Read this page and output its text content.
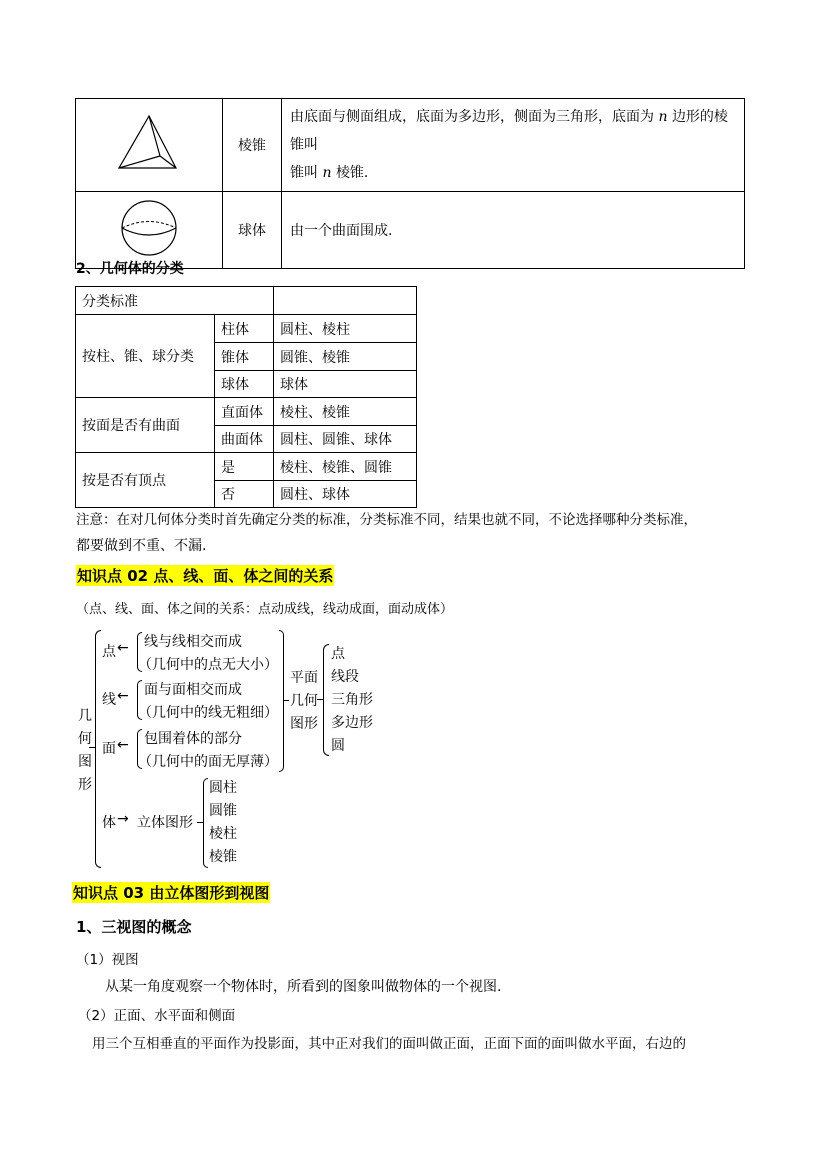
	棱锥	由底面与侧面组成，底面为多边形，侧面为三角形，底面为 n 边形的棱锥叫
锥叫 n 棱锥.
	球体	由一个曲面围成.
2、几何体的分类
分类标准		
按柱、锥、球分类	柱体	圆柱、棱柱
	锥体	圆锥、棱锥
	球体	球体
按面是否有曲面	直面体	棱柱、棱锥
	曲面体	圆柱、圆锥、球体
按是否有顶点	是	棱柱、棱锥、圆锥
	否	圆柱、球体
注意：在对几何体分类时首先确定分类的标准，分类标准不同，结果也就不同，不论选择哪种分类标准，
都要做到不重、不漏.
知识点 02 点、线、面、体之间的关系
（点、线、面、体之间的关系：点动成线，线动成面，面动成体）
几
何
图
形
点 ← 线与线相交而成
（几何中的点无大小）
线 ← 面与面相交而成
（几何中的线无粗细）
面 ← 包围着体的部分
（几何中的面无厚薄）
平面
几何
图形
点
线段
三角形
多边形
圆
体 → 立体图形
圆柱
圆锥
棱柱
棱锥
知识点 03 由立体图形到视图
1、三视图的概念
（1）视图
从某一角度观察一个物体时，所看到的图象叫做物体的一个视图.
（2）正面、水平面和侧面
用三个互相垂直的平面作为投影面，其中正对我们的面叫做正面，正面下面的面叫做水平面，右边的
